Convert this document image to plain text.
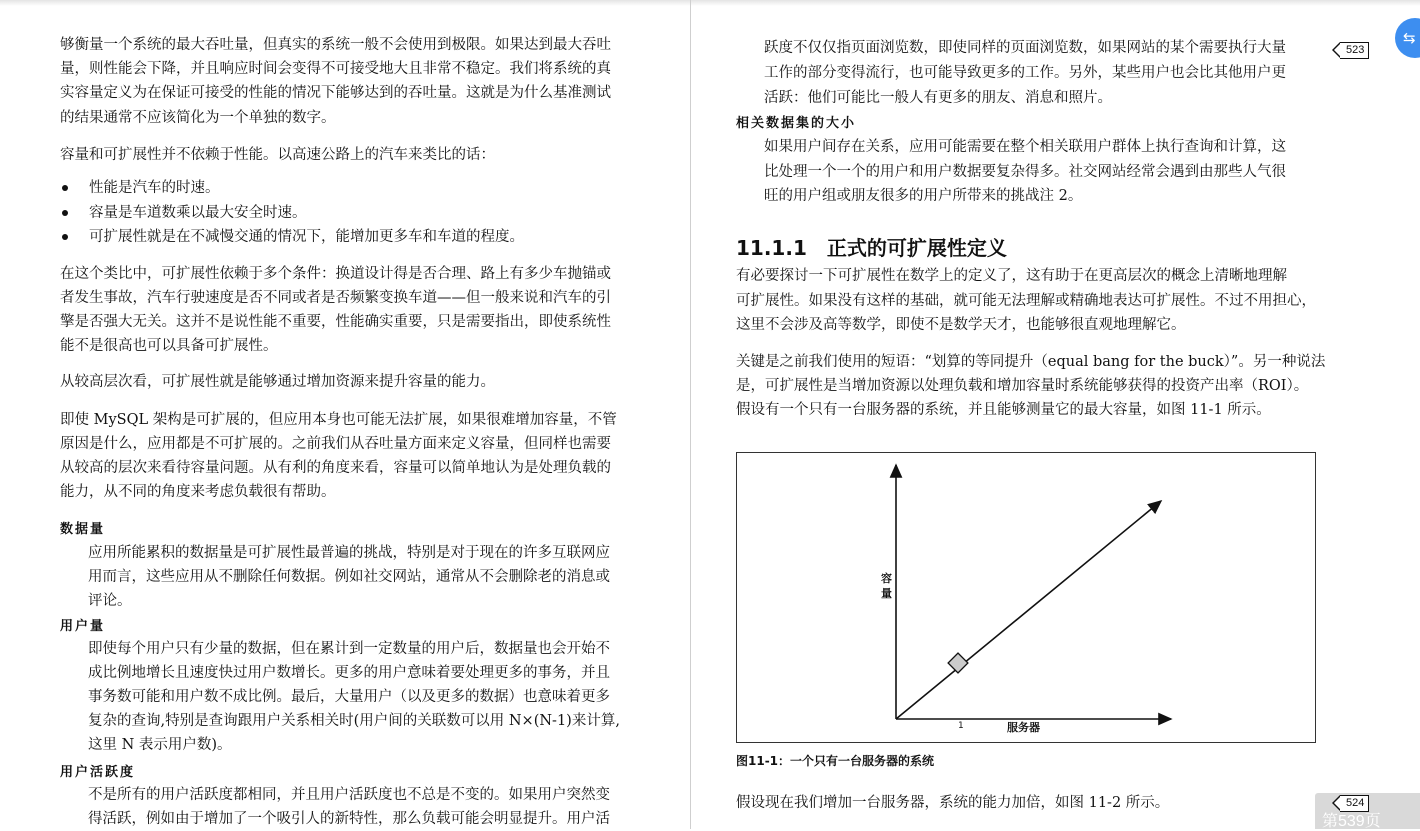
够衡量一个系统的最大吞吐量，但真实的系统一般不会使用到极限。如果达到最大吞吐
量，则性能会下降，并且响应时间会变得不可接受地大且非常不稳定。我们将系统的真
实容量定义为在保证可接受的性能的情况下能够达到的吞吐量。这就是为什么基准测试
的结果通常不应该简化为一个单独的数字。
容量和可扩展性并不依赖于性能。以高速公路上的汽车来类比的话：
性能是汽车的时速。
容量是车道数乘以最大安全时速。
可扩展性就是在不减慢交通的情况下，能增加更多车和车道的程度。
在这个类比中，可扩展性依赖于多个条件：换道设计得是否合理、路上有多少车抛锚或
者发生事故，汽车行驶速度是否不同或者是否频繁变换车道——但一般来说和汽车的引
擎是否强大无关。这并不是说性能不重要，性能确实重要，只是需要指出，即使系统性
能不是很高也可以具备可扩展性。
从较高层次看，可扩展性就是能够通过增加资源来提升容量的能力。
即使 MySQL 架构是可扩展的，但应用本身也可能无法扩展，如果很难增加容量，不管
原因是什么，应用都是不可扩展的。之前我们从吞吐量方面来定义容量，但同样也需要
从较高的层次来看待容量问题。从有利的角度来看，容量可以简单地认为是处理负载的
能力，从不同的角度来考虑负载很有帮助。
数据量
应用所能累积的数据量是可扩展性最普遍的挑战，特别是对于现在的许多互联网应
用而言，这些应用从不删除任何数据。例如社交网站，通常从不会删除老的消息或
评论。
用户量
即使每个用户只有少量的数据，但在累计到一定数量的用户后，数据量也会开始不
成比例地增长且速度快过用户数增长。更多的用户意味着要处理更多的事务，并且
事务数可能和用户数不成比例。最后，大量用户（以及更多的数据）也意味着更多
复杂的查询,特别是查询跟用户关系相关时(用户间的关联数可以用 N×(N-1)来计算,
这里 N 表示用户数)。
用户活跃度
不是所有的用户活跃度都相同，并且用户活跃度也不总是不变的。如果用户突然变
得活跃，例如由于增加了一个吸引人的新特性，那么负载可能会明显提升。用户活
跃度不仅仅指页面浏览数，即使同样的页面浏览数，如果网站的某个需要执行大量
工作的部分变得流行，也可能导致更多的工作。另外，某些用户也会比其他用户更
活跃：他们可能比一般人有更多的朋友、消息和照片。
相关数据集的大小
如果用户间存在关系，应用可能需要在整个相关联用户群体上执行查询和计算，这
比处理一个一个的用户和用户数据要复杂得多。社交网站经常会遇到由那些人气很
旺的用户组或朋友很多的用户所带来的挑战注 2。
有必要探讨一下可扩展性在数学上的定义了，这有助于在更高层次的概念上清晰地理解
可扩展性。如果没有这样的基础，就可能无法理解或精确地表达可扩展性。不过不用担心，
这里不会涉及高等数学，即使不是数学天才，也能够很直观地理解它。
关键是之前我们使用的短语：“划算的等同提升（equal bang for the buck）”。另一种说法
是，可扩展性是当增加资源以处理负载和增加容量时系统能够获得的投资产出率（ROI）。
假设有一个只有一台服务器的系统，并且能够测量它的最大容量，如图 11-1 所示。
假设现在我们增加一台服务器，系统的能力加倍，如图 11-2 所示。
11.1.1　正式的可扩展性定义
容量
1	服务器
图11-1：一个只有一台服务器的系统
523
⇆
524
第539页
